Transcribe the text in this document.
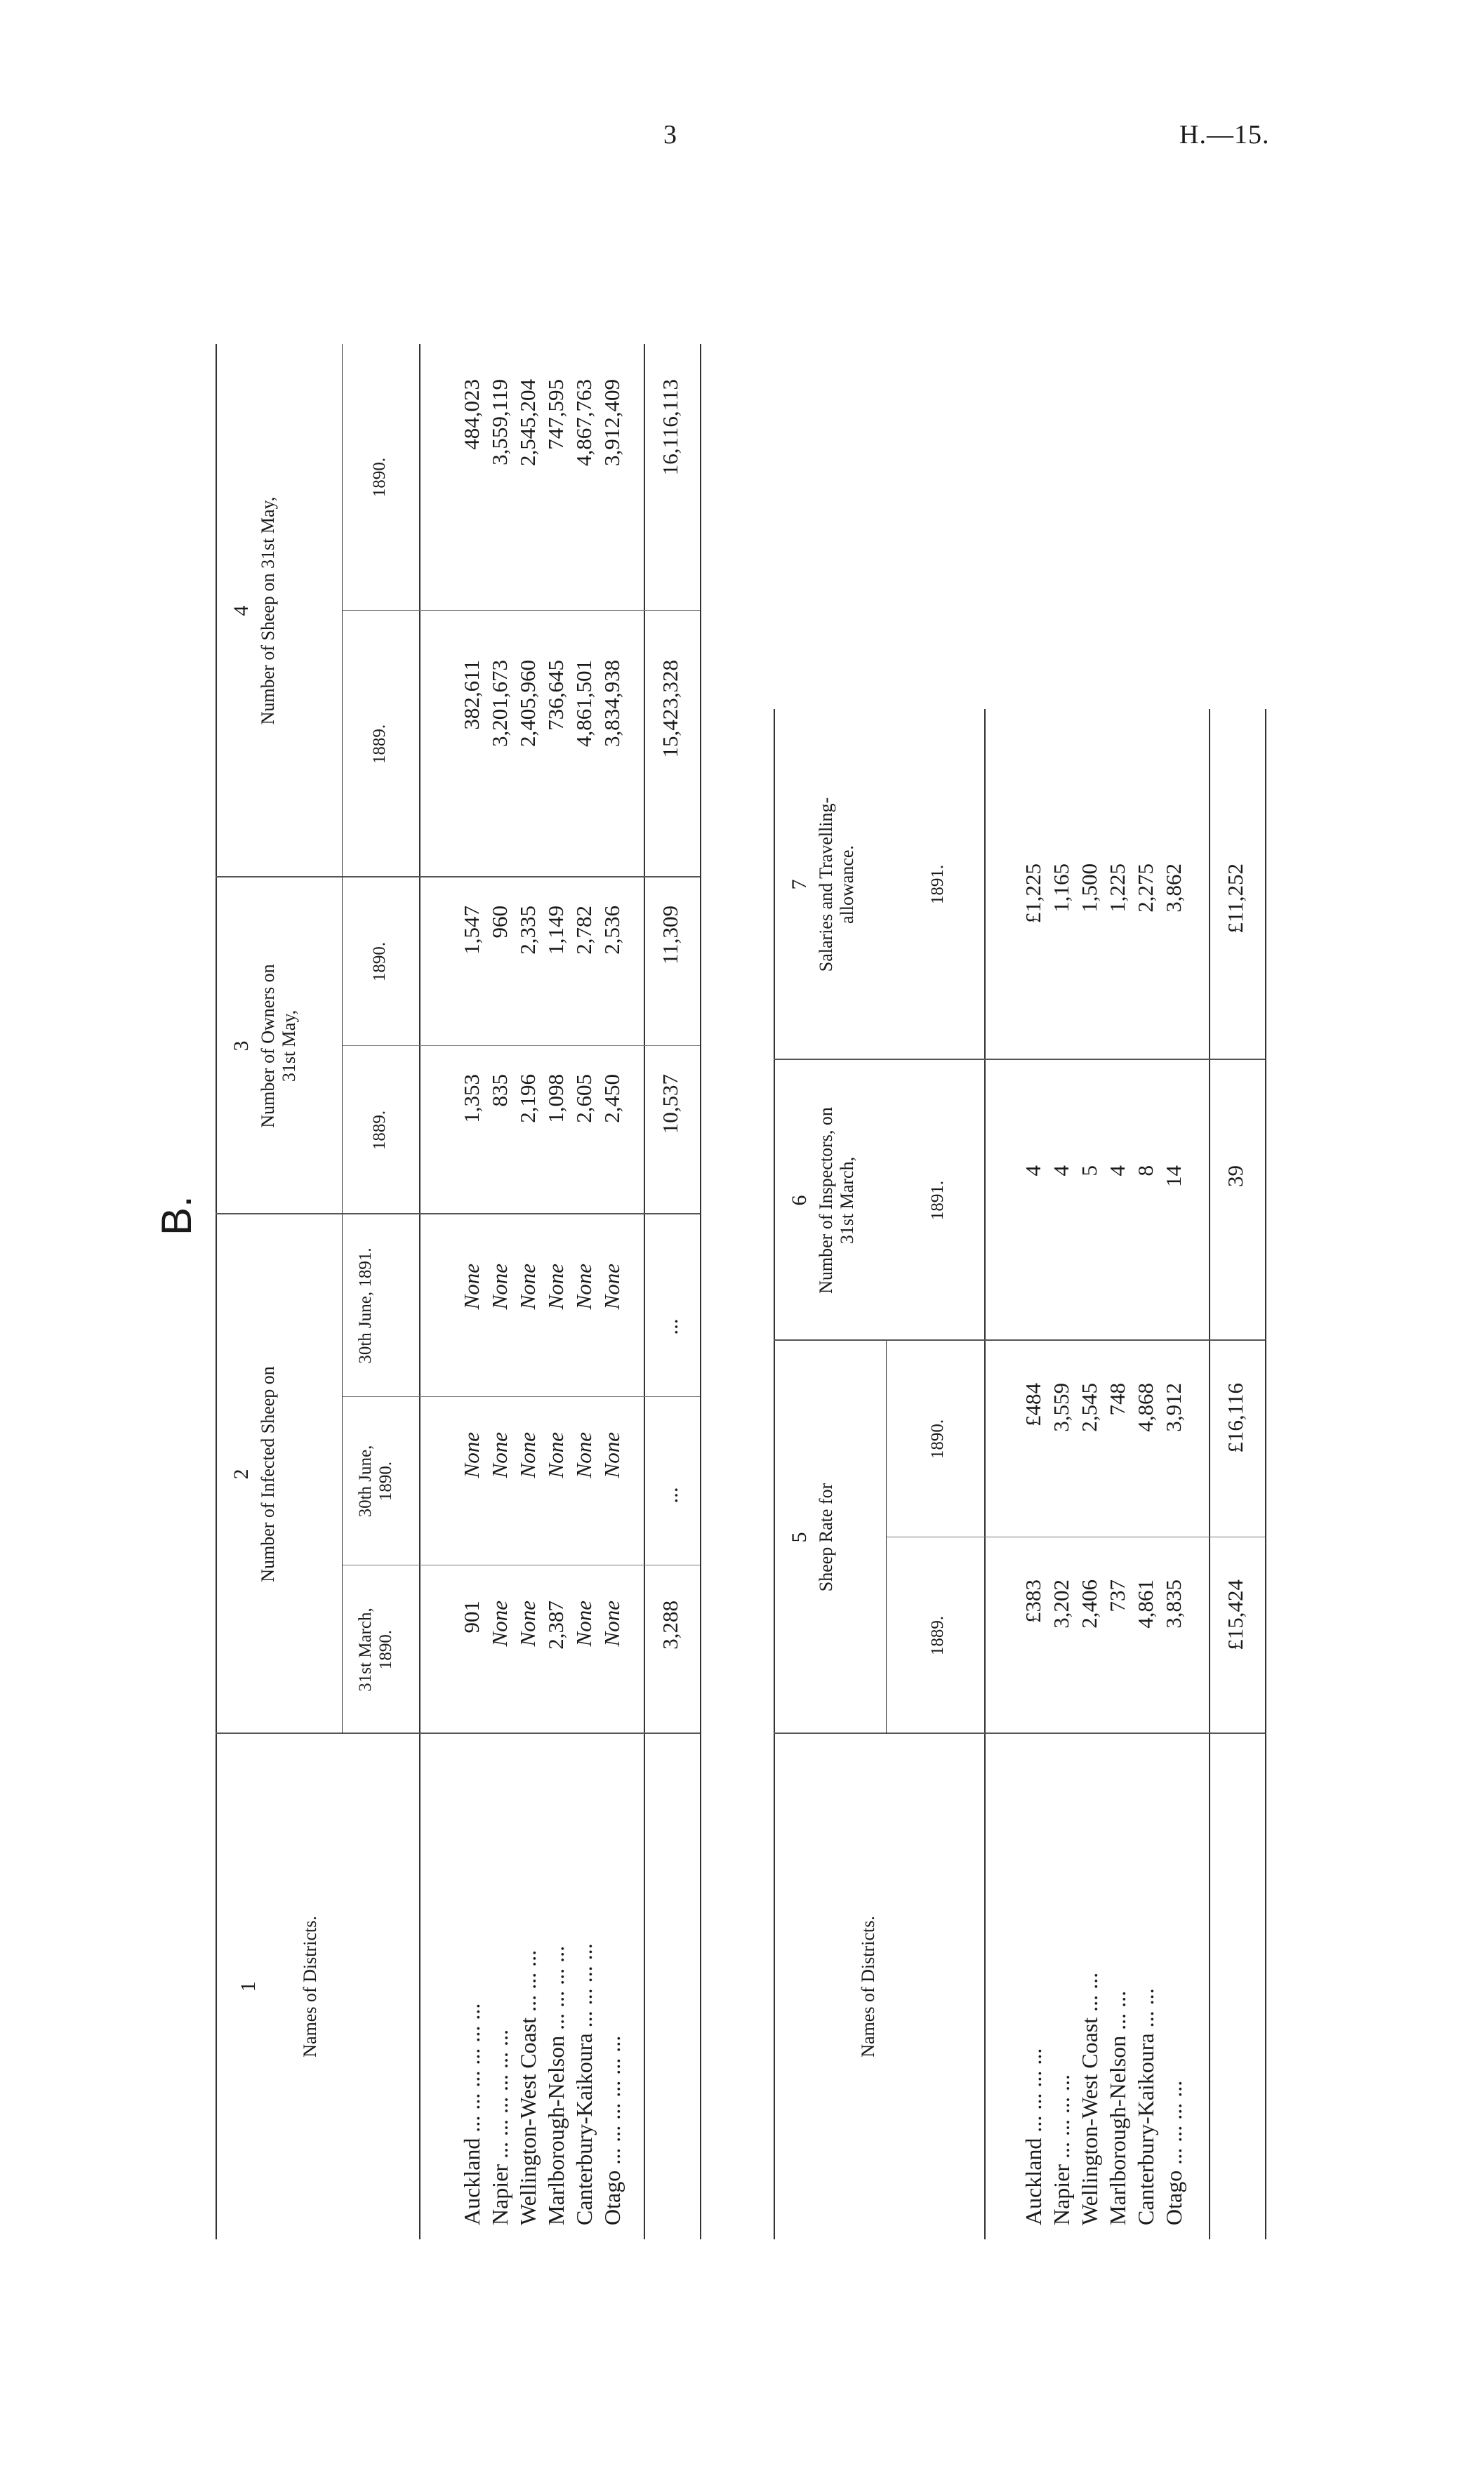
3	H.—15.
B.
1 Names of Districts.
2 Number of Infected Sheep on
3 Number of Owners on 31st May,
4 Number of Sheep on 31st May,
31st March, 1890.
30th June, 1890.
30th June, 1891.
1889.
1890.
1889.
1890.
Auckland ... ... ... ... ... ... Napier ... ... ... ... ... ... Wellington-West Coast ... ... ... Marlborough-Nelson ... ... ... ... Canterbury-Kaikoura ... ... ... ... Otago ... ... ... ... ... ...
901 None None 2,387 None None
None None None None None None
None None None None None None
1,353 835 2,196 1,098 2,605 2,450
1,547 960 2,335 1,149 2,782 2,536
382,611 3,201,673 2,405,960 736,645 4,861,501 3,834,938
484,023 3,559,119 2,545,204 747,595 4,867,763 3,912,409
3,288
...
...
10,537
11,309
15,423,328
16,116,113
Names of Districts.
5 Sheep Rate for
6 Number of Inspectors, on 31st March,
7 Salaries and Travelling-allowance.
1889.
1890.
1891.
1891.
Auckland ... ... ... ... Napier ... ... ... ... Wellington-West Coast ... ... Marlborough-Nelson ... ... Canterbury-Kaikoura ... ... Otago ... ... ... ...
£383 3,202 2,406 737 4,861 3,835
£484 3,559 2,545 748 4,868 3,912
4 4 5 4 8 14
£1,225 1,165 1,500 1,225 2,275 3,862
£15,424
£16,116
39
£11,252
